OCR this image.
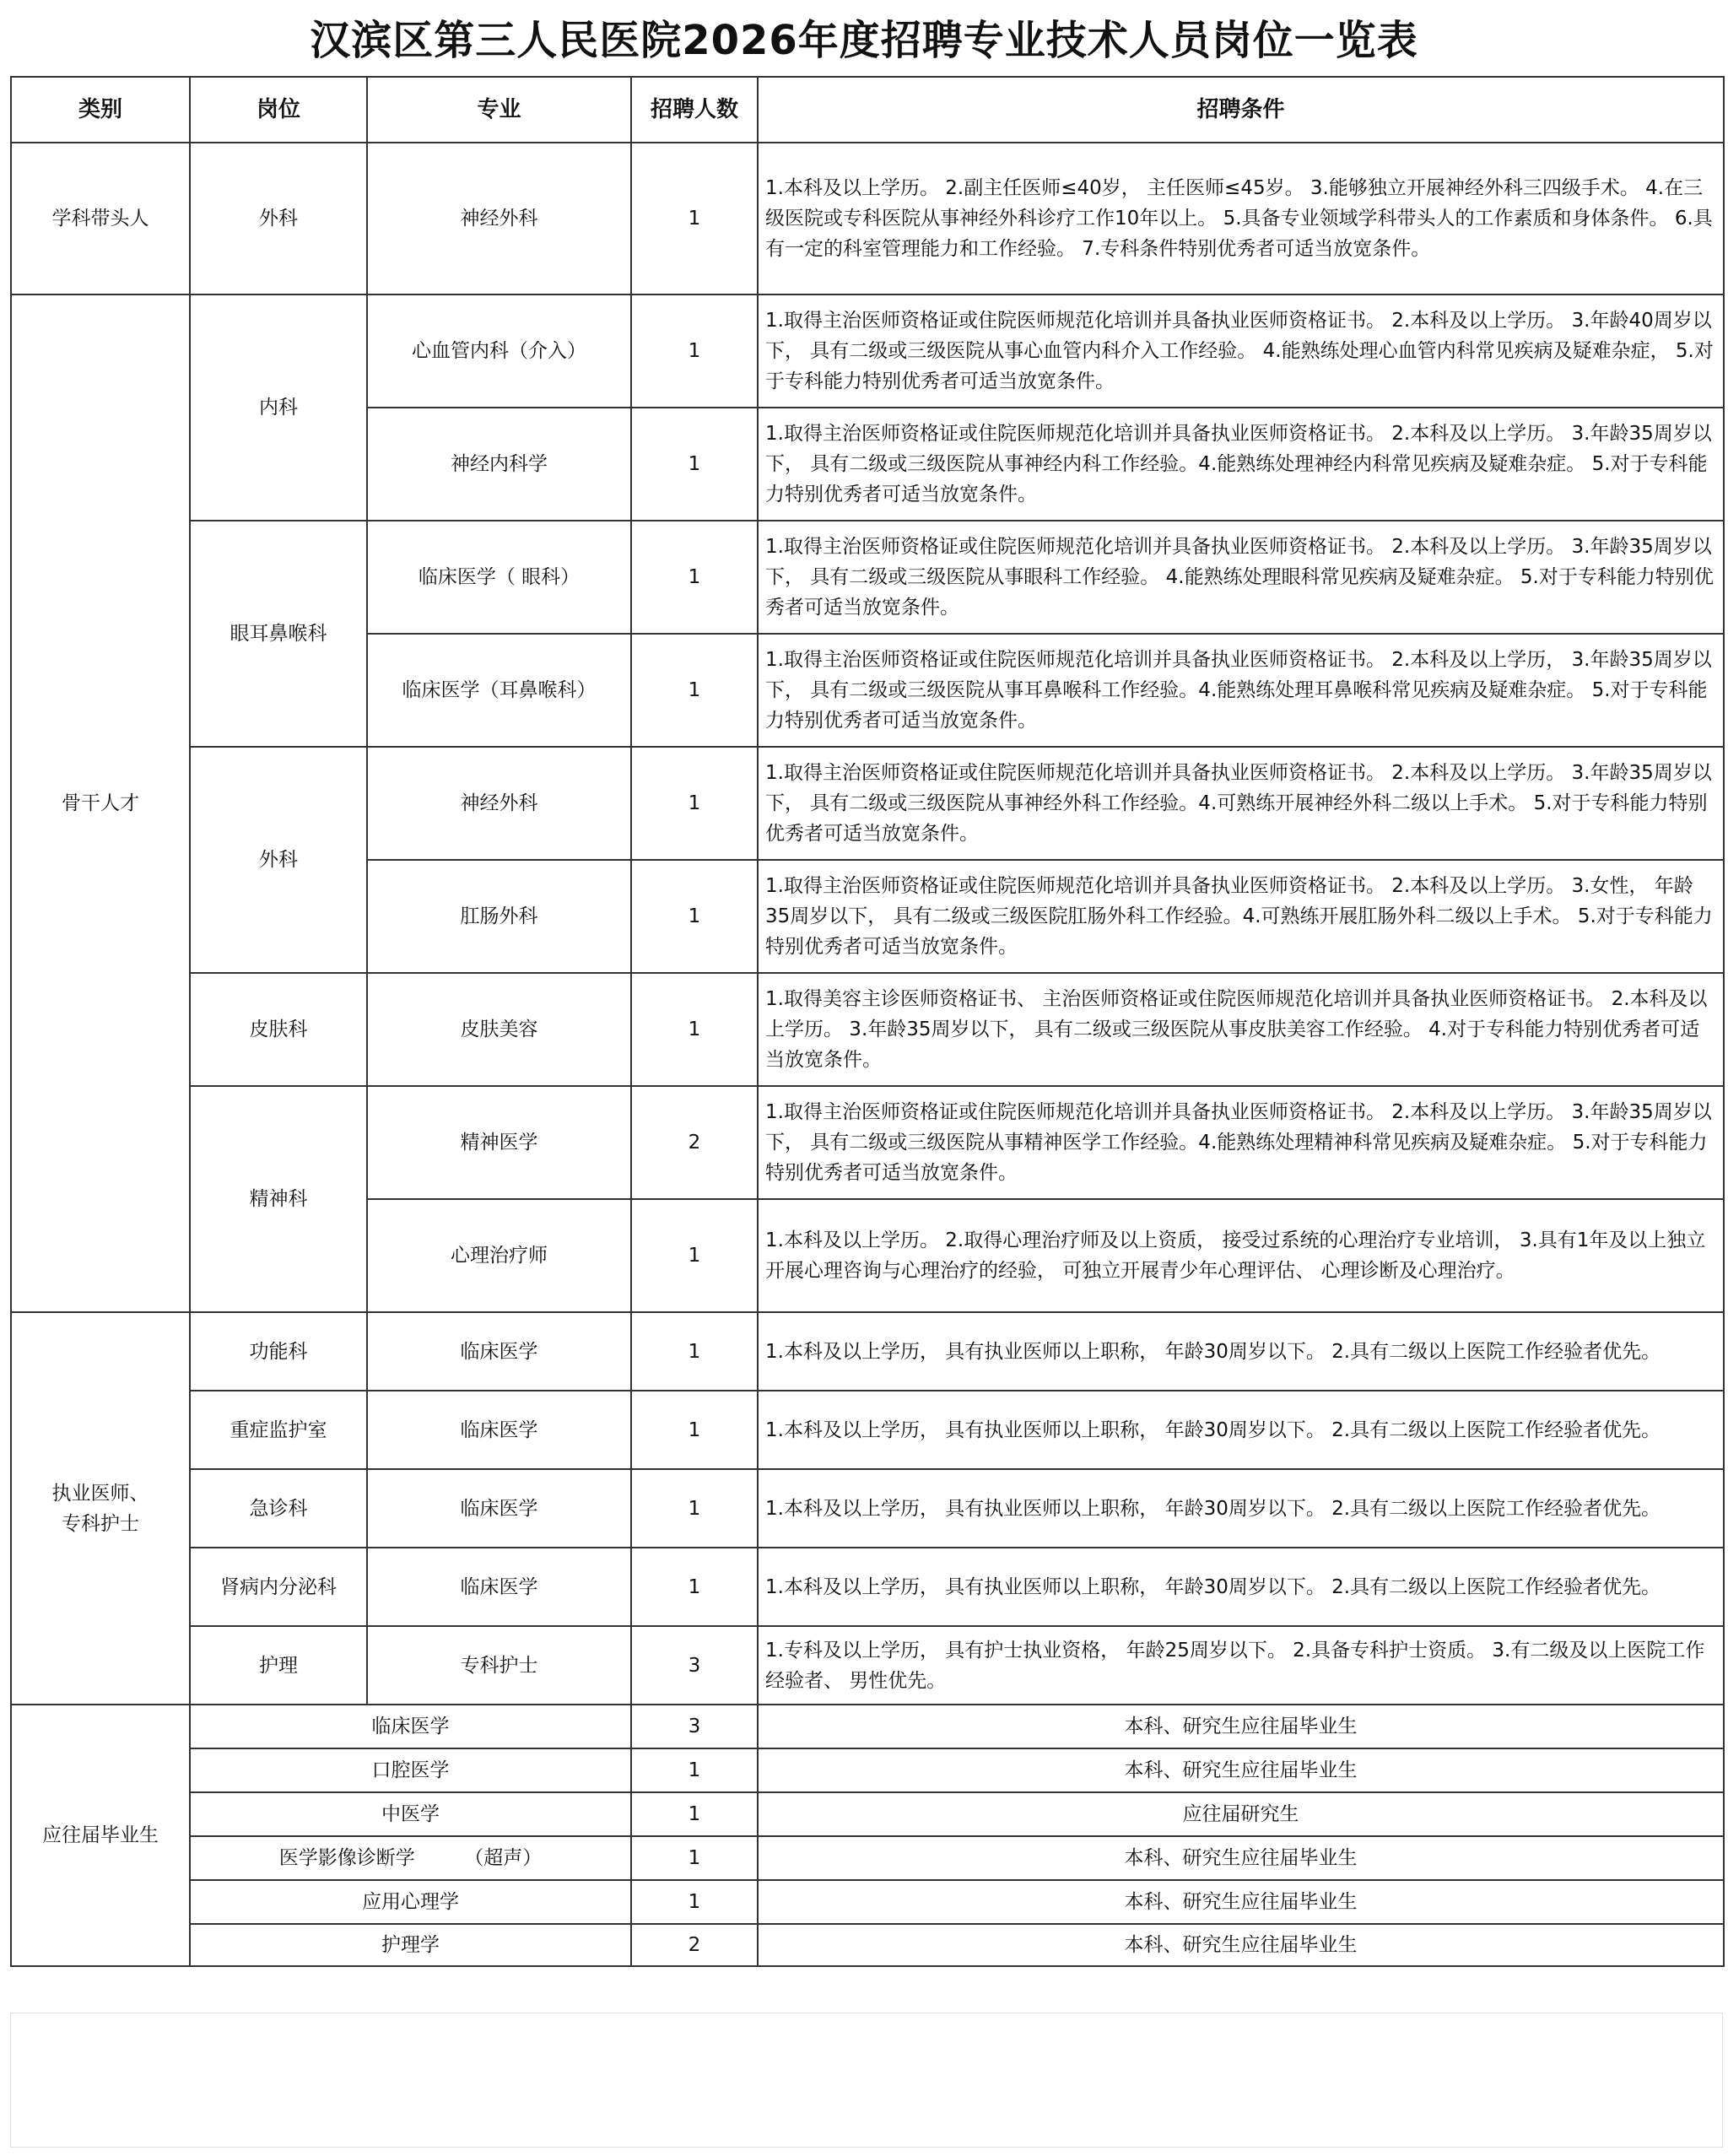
汉滨区第三人民医院2026年度招聘专业技术人员岗位一览表
类别	岗位	专业	招聘人数	招聘条件
学科带头人	外科	神经外科	1	1.本科及以上学历。 2.副主任医师≤40岁， 主任医师≤45岁。 3.能够独立开展神经外科三四级手术。 4.在三级医院或专科医院从事神经外科诊疗工作10年以上。 5.具备专业领域学科带头人的工作素质和身体条件。 6.具有一定的科室管理能力和工作经验。 7.专科条件特别优秀者可适当放宽条件。
骨干人才	内科	心血管内科（介入）	1	1.取得主治医师资格证或住院医师规范化培训并具备执业医师资格证书。 2.本科及以上学历。 3.年龄40周岁以下， 具有二级或三级医院从事心血管内科介入工作经验。 4.能熟练处理心血管内科常见疾病及疑难杂症， 5.对于专科能力特别优秀者可适当放宽条件。
		神经内科学	1	1.取得主治医师资格证或住院医师规范化培训并具备执业医师资格证书。 2.本科及以上学历。 3.年龄35周岁以下， 具有二级或三级医院从事神经内科工作经验。4.能熟练处理神经内科常见疾病及疑难杂症。 5.对于专科能力特别优秀者可适当放宽条件。
	眼耳鼻喉科	临床医学（ 眼科）	1	1.取得主治医师资格证或住院医师规范化培训并具备执业医师资格证书。 2.本科及以上学历。 3.年龄35周岁以下， 具有二级或三级医院从事眼科工作经验。 4.能熟练处理眼科常见疾病及疑难杂症。 5.对于专科能力特别优秀者可适当放宽条件。
		临床医学（耳鼻喉科）	1	1.取得主治医师资格证或住院医师规范化培训并具备执业医师资格证书。 2.本科及以上学历， 3.年龄35周岁以下， 具有二级或三级医院从事耳鼻喉科工作经验。4.能熟练处理耳鼻喉科常见疾病及疑难杂症。 5.对于专科能力特别优秀者可适当放宽条件。
	外科	神经外科	1	1.取得主治医师资格证或住院医师规范化培训并具备执业医师资格证书。 2.本科及以上学历。 3.年龄35周岁以下， 具有二级或三级医院从事神经外科工作经验。4.可熟练开展神经外科二级以上手术。 5.对于专科能力特别优秀者可适当放宽条件。
		肛肠外科	1	1.取得主治医师资格证或住院医师规范化培训并具备执业医师资格证书。 2.本科及以上学历。 3.女性， 年龄35周岁以下， 具有二级或三级医院肛肠外科工作经验。4.可熟练开展肛肠外科二级以上手术。 5.对于专科能力特别优秀者可适当放宽条件。
	皮肤科	皮肤美容	1	1.取得美容主诊医师资格证书、 主治医师资格证或住院医师规范化培训并具备执业医师资格证书。 2.本科及以上学历。 3.年龄35周岁以下， 具有二级或三级医院从事皮肤美容工作经验。 4.对于专科能力特别优秀者可适当放宽条件。
	精神科	精神医学	2	1.取得主治医师资格证或住院医师规范化培训并具备执业医师资格证书。 2.本科及以上学历。 3.年龄35周岁以下， 具有二级或三级医院从事精神医学工作经验。4.能熟练处理精神科常见疾病及疑难杂症。 5.对于专科能力特别优秀者可适当放宽条件。
		心理治疗师	1	1.本科及以上学历。 2.取得心理治疗师及以上资质， 接受过系统的心理治疗专业培训， 3.具有1年及以上独立开展心理咨询与心理治疗的经验， 可独立开展青少年心理评估、 心理诊断及心理治疗。
执业医师、
专科护士	功能科	临床医学	1	1.本科及以上学历， 具有执业医师以上职称， 年龄30周岁以下。 2.具有二级以上医院工作经验者优先。
	重症监护室	临床医学	1	1.本科及以上学历， 具有执业医师以上职称， 年龄30周岁以下。 2.具有二级以上医院工作经验者优先。
	急诊科	临床医学	1	1.本科及以上学历， 具有执业医师以上职称， 年龄30周岁以下。 2.具有二级以上医院工作经验者优先。
	肾病内分泌科	临床医学	1	1.本科及以上学历， 具有执业医师以上职称， 年龄30周岁以下。 2.具有二级以上医院工作经验者优先。
	护理	专科护士	3	1.专科及以上学历， 具有护士执业资格， 年龄25周岁以下。 2.具备专科护士资质。 3.有二级及以上医院工作经验者、 男性优先。
应往届毕业生	临床医学		3	本科、研究生应往届毕业生
	口腔医学		1	本科、研究生应往届毕业生
	中医学		1	应往届研究生
	医学影像诊断学        （超声）		1	本科、研究生应往届毕业生
	应用心理学		1	本科、研究生应往届毕业生
	护理学		2	本科、研究生应往届毕业生
